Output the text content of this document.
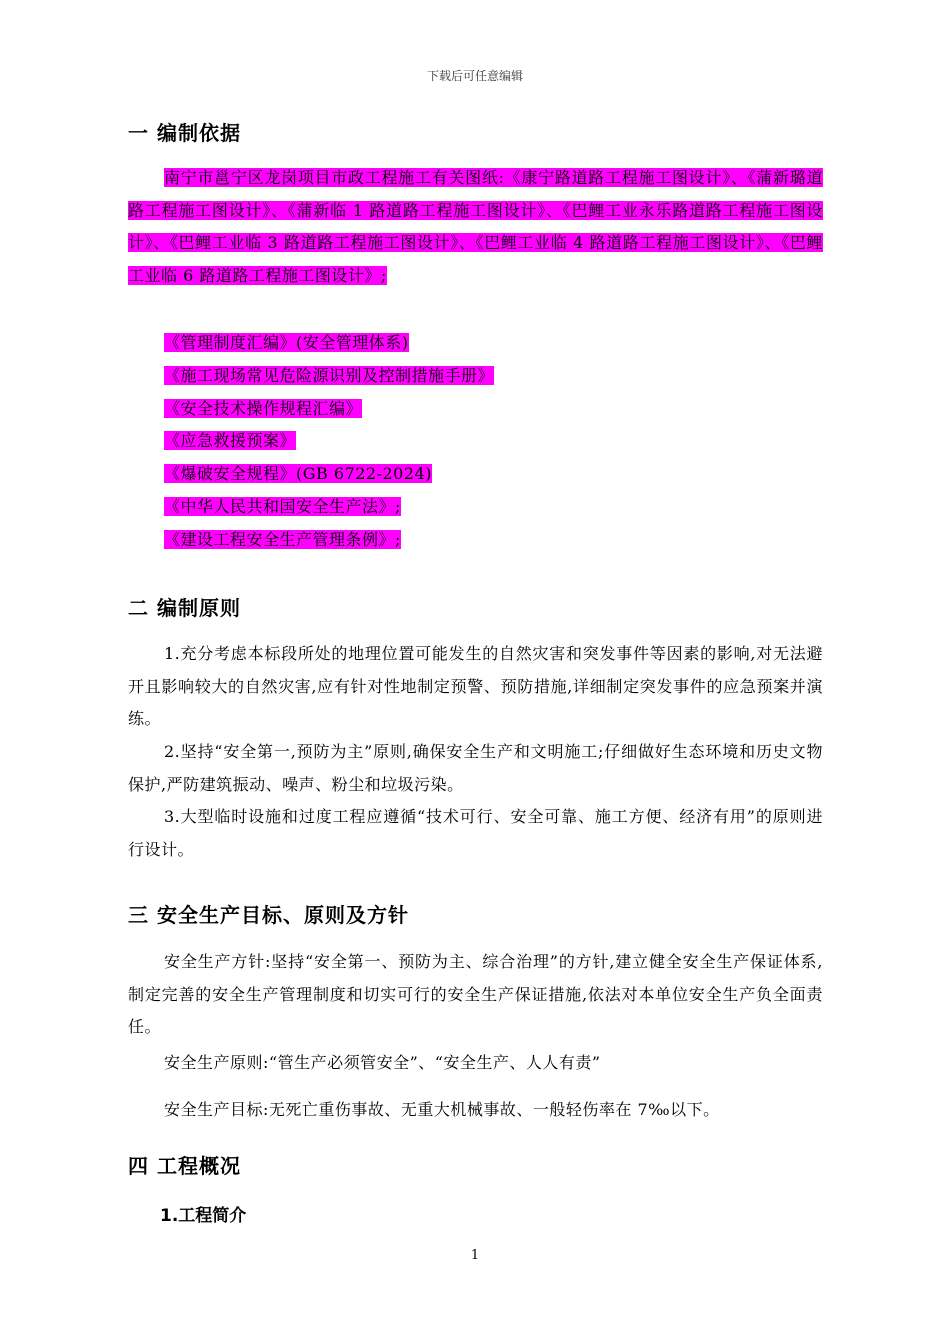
下载后可任意编辑
一 编制依据
南宁市邕宁区龙岗项目市政工程施工有关图纸:《康宁路道路工程施工图设计》、《蒲新璐道路工程施工图设计》、《蒲新临 1 路道路工程施工图设计》、《巴鲤工业永乐路道路工程施工图设计》、《巴鲤工业临 3 路道路工程施工图设计》、《巴鲤工业临 4 路道路工程施工图设计》、《巴鲤工业临 6 路道路工程施工图设计》;
《管理制度汇编》(安全管理体系)
《施工现场常见危险源识别及控制措施手册》
《安全技术操作规程汇编》
《应急救援预案》
《爆破安全规程》(GB 6722-2024)
《中华人民共和国安全生产法》;
《建设工程安全生产管理条例》;
二 编制原则
1.充分考虑本标段所处的地理位置可能发生的自然灾害和突发事件等因素的影响,对无法避开且影响较大的自然灾害,应有针对性地制定预警、预防措施,详细制定突发事件的应急预案并演练。
2.坚持“安全第一,预防为主”原则,确保安全生产和文明施工;仔细做好生态环境和历史文物保护,严防建筑振动、噪声、粉尘和垃圾污染。
3.大型临时设施和过度工程应遵循“技术可行、安全可靠、施工方便、经济有用”的原则进行设计。
三 安全生产目标、原则及方针
安全生产方针:坚持“安全第一、预防为主、综合治理”的方针,建立健全安全生产保证体系,制定完善的安全生产管理制度和切实可行的安全生产保证措施,依法对本单位安全生产负全面责任。
安全生产原则:“管生产必须管安全”、“安全生产、人人有责”
安全生产目标:无死亡重伤事故、无重大机械事故、一般轻伤率在 7‰以下。
四 工程概况
1.工程简介
1
